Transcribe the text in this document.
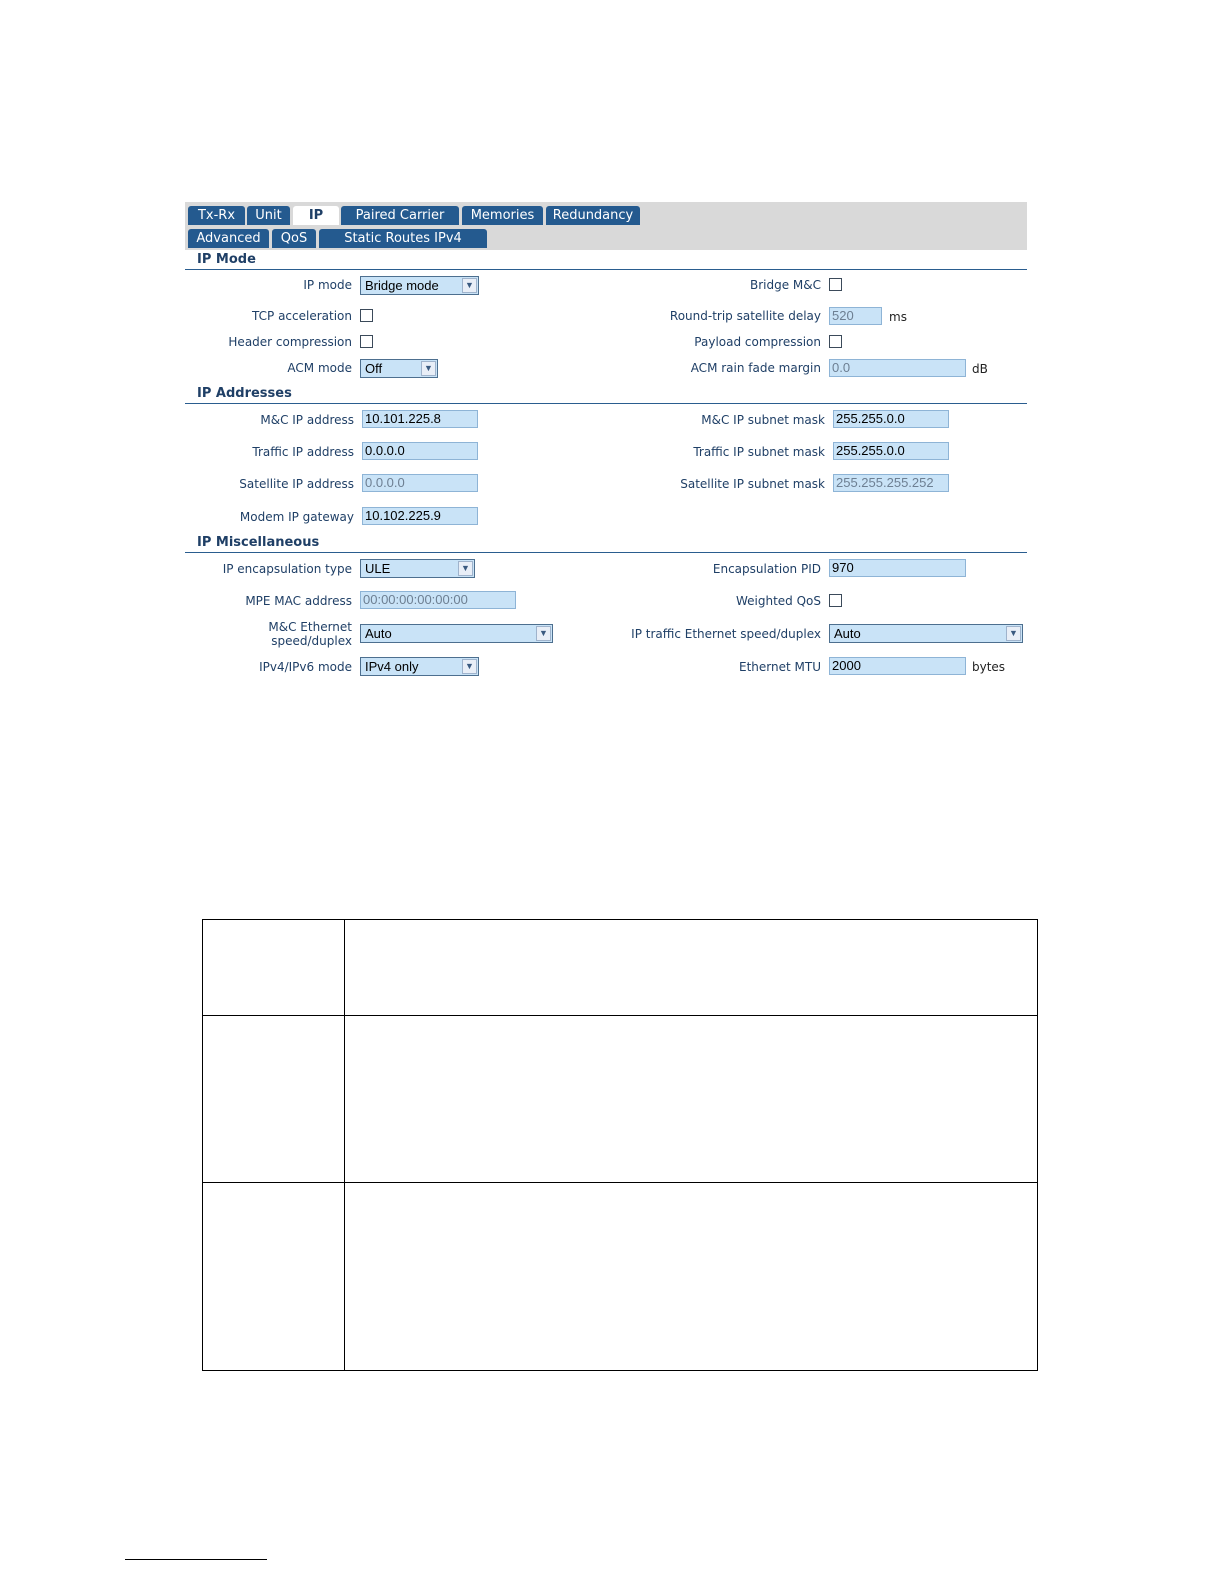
Tx-Rx	Unit	IP	Paired Carrier	Memories	Redundancy
Advanced	QoS	Static Routes IPv4
IP Mode
IP mode	Bridge mode	▼	Bridge M&C
TCP acceleration	Round-trip satellite delay 520	ms
Header compression	Payload compression
ACM mode	Off	▼	ACM rain fade margin 0.0	dB
IP Addresses
M&C IP address 10.101.225.8	M&C IP subnet mask 255.255.0.0
Traffic IP address 0.0.0.0	Traffic IP subnet mask 255.255.0.0
Satellite IP address 0.0.0.0	Satellite IP subnet mask 255.255.255.252
Modem IP gateway 10.102.225.9
IP Miscellaneous
IP encapsulation type	ULE	▼	Encapsulation PID 970
MPE MAC address 00:00:00:00:00:00	Weighted QoS
M&C Ethernet
speed/duplex	Auto	▼	IP traffic Ethernet speed/duplex	Auto	▼
IPv4/IPv6 mode	IPv4 only	▼	Ethernet MTU 2000	bytes
